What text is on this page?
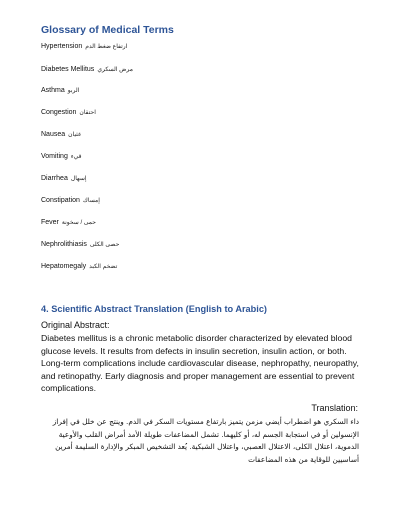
Glossary of Medical Terms
Hypertension ارتفاع ضغط الدم
Diabetes Mellitus مرض السكري
Asthma الربو
Congestion احتقان
Nausea غثيان
Vomiting قيء
Diarrhea إسهال
Constipation إمساك
Fever حمى / سخونة
Nephrolithiasis حصى الكلى
Hepatomegaly تضخم الكبد
4. Scientific Abstract Translation (English to Arabic)
Original Abstract:
Diabetes mellitus is a chronic metabolic disorder characterized by elevated blood glucose levels. It results from defects in insulin secretion, insulin action, or both. Long-term complications include cardiovascular disease, nephropathy, neuropathy, and retinopathy. Early diagnosis and proper management are essential to prevent complications.
Translation:
داء السكري هو اضطراب أيضي مزمن يتميز بارتفاع مستويات السكر في الدم. وينتج عن خلل في إفراز الإنسولين أو في استجابة الجسم له، أو كليهما. تشمل المضاعفات طويلة الأمد أمراض القلب والأوعية الدموية، اعتلال الكلى، الاعتلال العصبي، واعتلال الشبكية. يُعد التشخيص المبكر والإدارة السليمة أمرين أساسيين للوقاية من هذه المضاعفات
